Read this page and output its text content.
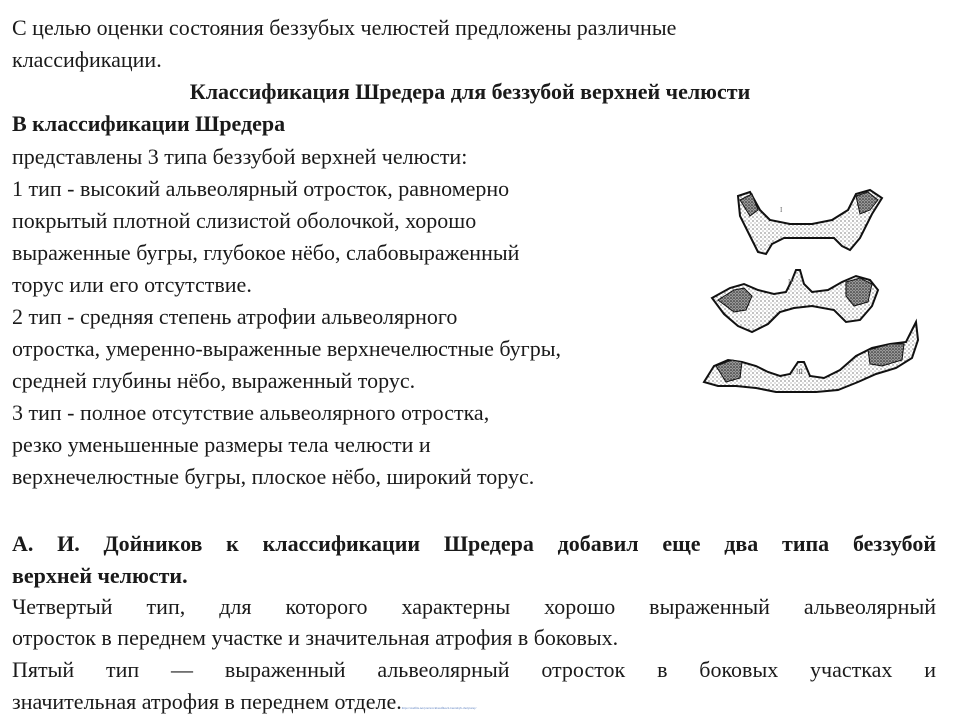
С целью оценки состояния беззубых челюстей предложены различные

классификации.

Классификация Шредера для беззубой верхней челюсти

В классификации Шредера

представлены 3 типа беззубой верхней челюсти:

1 тип - высокий альвеолярный отросток, равномерно

покрытый плотной слизистой оболочкой, хорошо

выраженные бугры, глубокое нёбо, слабовыраженный

торус или его отсутствие.

2 тип - средняя степень атрофии альвеолярного

отростка, умеренно-выраженные верхнечелюстные бугры,

средней глубины нёбо, выраженный торус.

3 тип - полное отсутствие альвеолярного отростка,

резко уменьшенные размеры тела челюсти и

верхнечелюстные бугры, плоское нёбо, широкий торус.

I
II
III

А. И. Дойников к классификации Шредера добавил еще два типа беззубой

верхней челюсти.

Четвертый тип, для которого характерны хорошо выраженный альвеолярный

отросток в переднем участке и значительная атрофия в боковых.

Пятый тип — выраженный альвеолярный отросток в боковых участках и

значительная атрофия в переднем отделе.https://studfile.net/preview/klassifikacii-bezzubyh-chelyustey/
